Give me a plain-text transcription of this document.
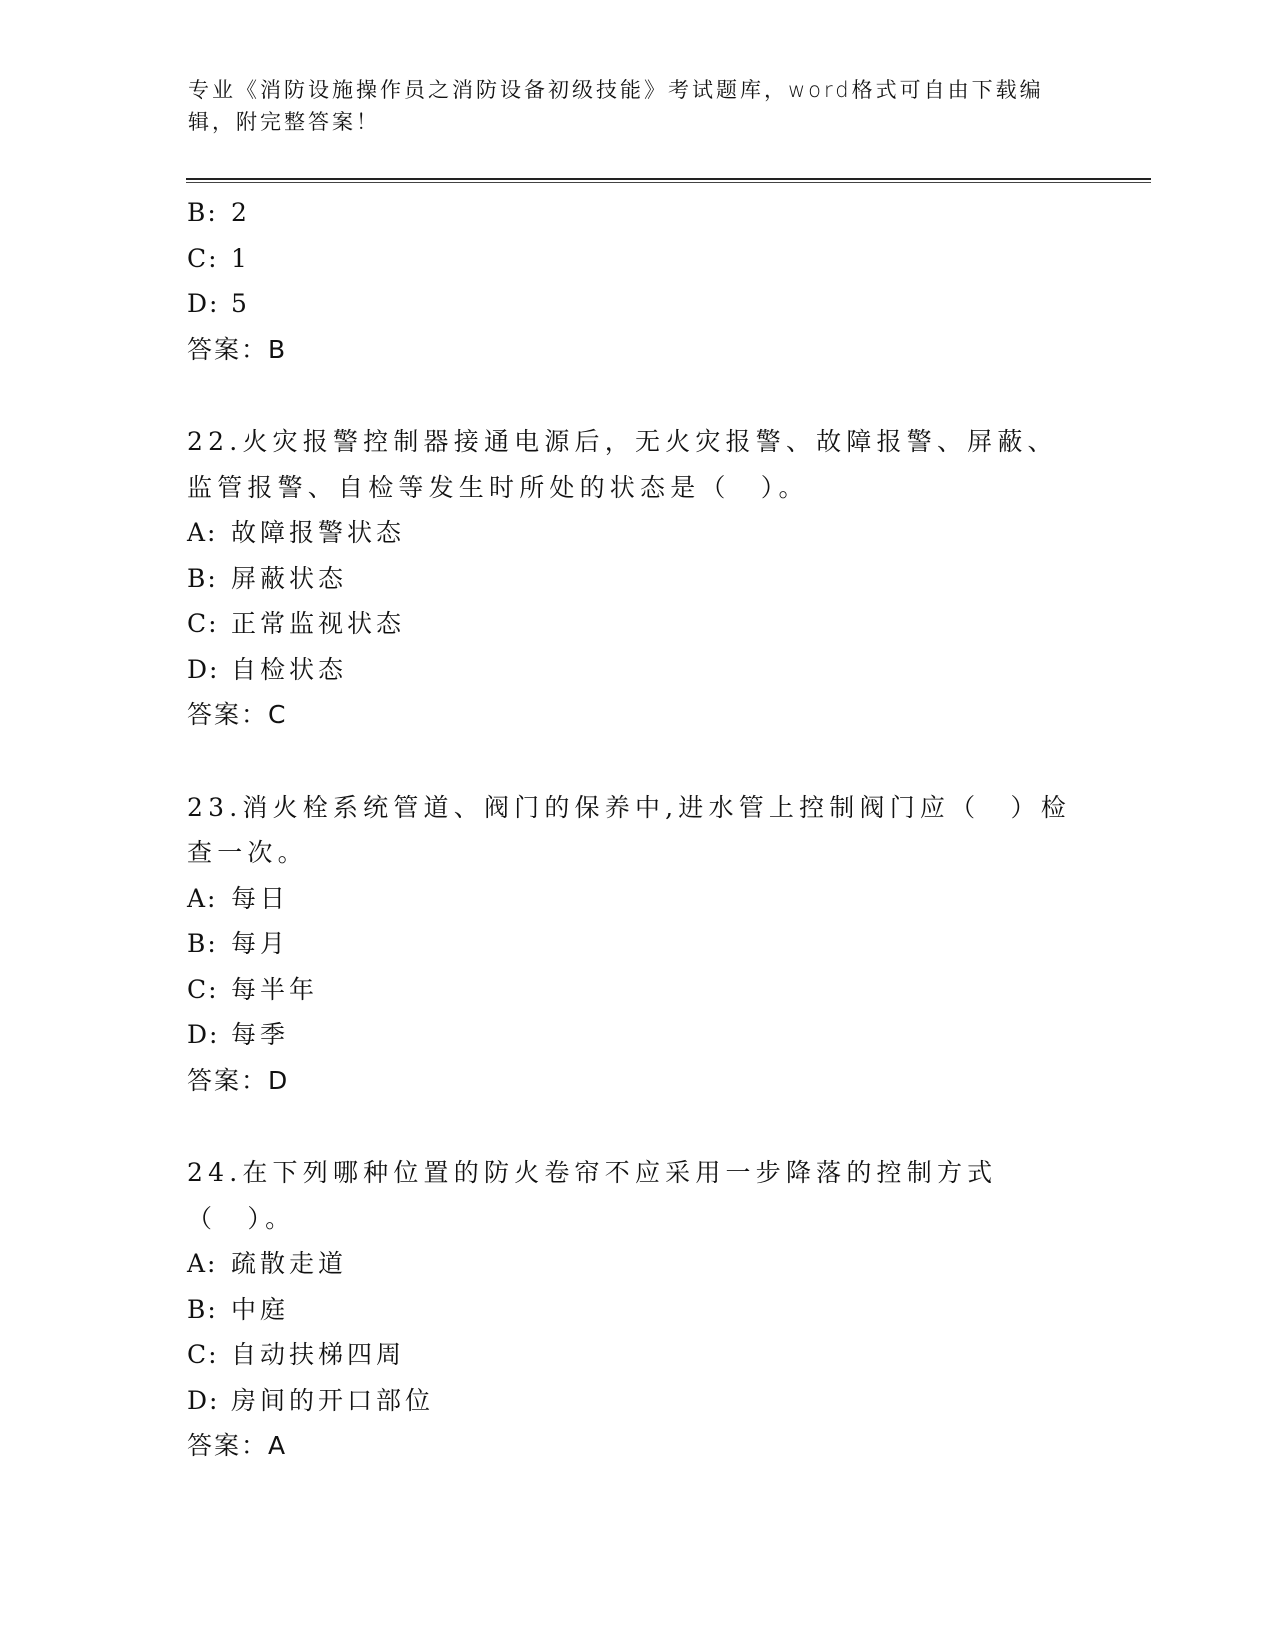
专业《消防设施操作员之消防设备初级技能》考试题库，word格式可自由下载编辑，附完整答案！
B: 2
C: 1
D: 5
答案：B
22.火灾报警控制器接通电源后，无火灾报警、故障报警、屏蔽、监管报警、自检等发生时所处的状态是（　）。
A: 故障报警状态
B: 屏蔽状态
C: 正常监视状态
D: 自检状态
答案：C
23.消火栓系统管道、阀门的保养中,进水管上控制阀门应（　）检查一次。
A: 每日
B: 每月
C: 每半年
D: 每季
答案：D
24.在下列哪种位置的防火卷帘不应采用一步降落的控制方式（　）。
A: 疏散走道
B: 中庭
C: 自动扶梯四周
D: 房间的开口部位
答案：A
